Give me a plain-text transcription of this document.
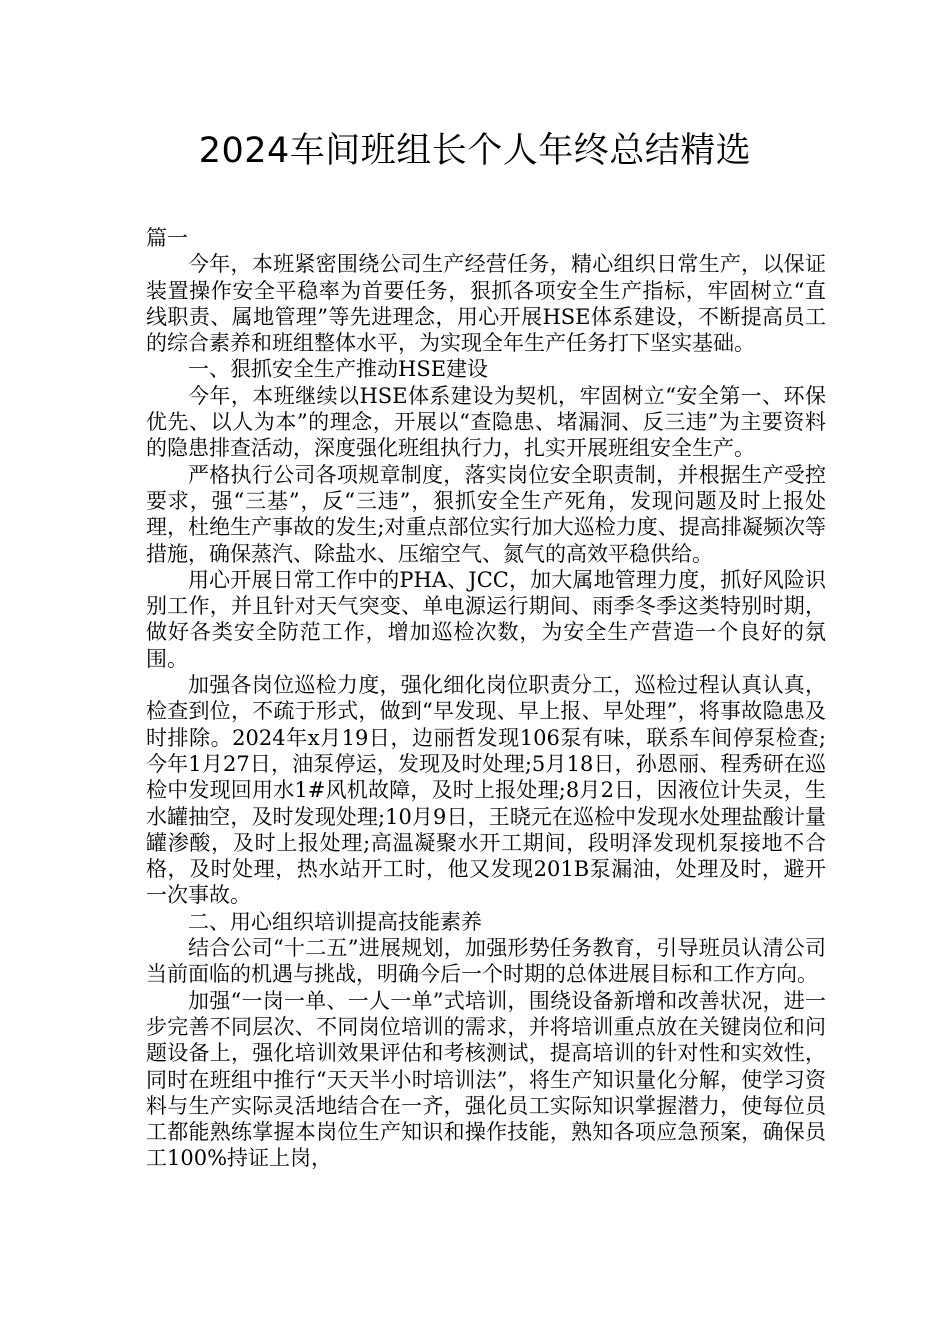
2024车间班组长个人年终总结精选

篇一

今年，本班紧密围绕公司生产经营任务，精心组织日常生产，以保证装置操作安全平稳率为首要任务，狠抓各项安全生产指标，牢固树立“直线职责、属地管理”等先进理念，用心开展HSE体系建设，不断提高员工的综合素养和班组整体水平，为实现全年生产任务打下坚实基础。

一、狠抓安全生产推动HSE建设

今年，本班继续以HSE体系建设为契机，牢固树立“安全第一、环保优先、以人为本”的理念，开展以“查隐患、堵漏洞、反三违”为主要资料的隐患排查活动，深度强化班组执行力，扎实开展班组安全生产。

严格执行公司各项规章制度，落实岗位安全职责制，并根据生产受控要求，强“三基”，反“三违”，狠抓安全生产死角，发现问题及时上报处理，杜绝生产事故的发生;对重点部位实行加大巡检力度、提高排凝频次等措施，确保蒸汽、除盐水、压缩空气、氮气的高效平稳供给。

用心开展日常工作中的PHA、JCC，加大属地管理力度，抓好风险识别工作，并且针对天气突变、单电源运行期间、雨季冬季这类特别时期，做好各类安全防范工作，增加巡检次数，为安全生产营造一个良好的氛围。

加强各岗位巡检力度，强化细化岗位职责分工，巡检过程认真认真，检查到位，不疏于形式，做到“早发现、早上报、早处理”，将事故隐患及时排除。2024年x月19日，边丽哲发现106泵有味，联系车间停泵检查;今年1月27日，油泵停运，发现及时处理;5月18日，孙恩丽、程秀研在巡检中发现回用水1#风机故障，及时上报处理;8月2日，因液位计失灵，生水罐抽空，及时发现处理;10月9日，王晓元在巡检中发现水处理盐酸计量罐渗酸，及时上报处理;高温凝聚水开工期间，段明泽发现机泵接地不合格，及时处理，热水站开工时，他又发现201B泵漏油，处理及时，避开一次事故。

二、用心组织培训提高技能素养

结合公司“十二五”进展规划，加强形势任务教育，引导班员认清公司当前面临的机遇与挑战，明确今后一个时期的总体进展目标和工作方向。

加强“一岗一单、一人一单”式培训，围绕设备新增和改善状况，进一步完善不同层次、不同岗位培训的需求，并将培训重点放在关键岗位和问题设备上，强化培训效果评估和考核测试，提高培训的针对性和实效性，同时在班组中推行“天天半小时培训法”，将生产知识量化分解，使学习资料与生产实际灵活地结合在一齐，强化员工实际知识掌握潜力，使每位员工都能熟练掌握本岗位生产知识和操作技能，熟知各项应急预案，确保员工100%持证上岗，
